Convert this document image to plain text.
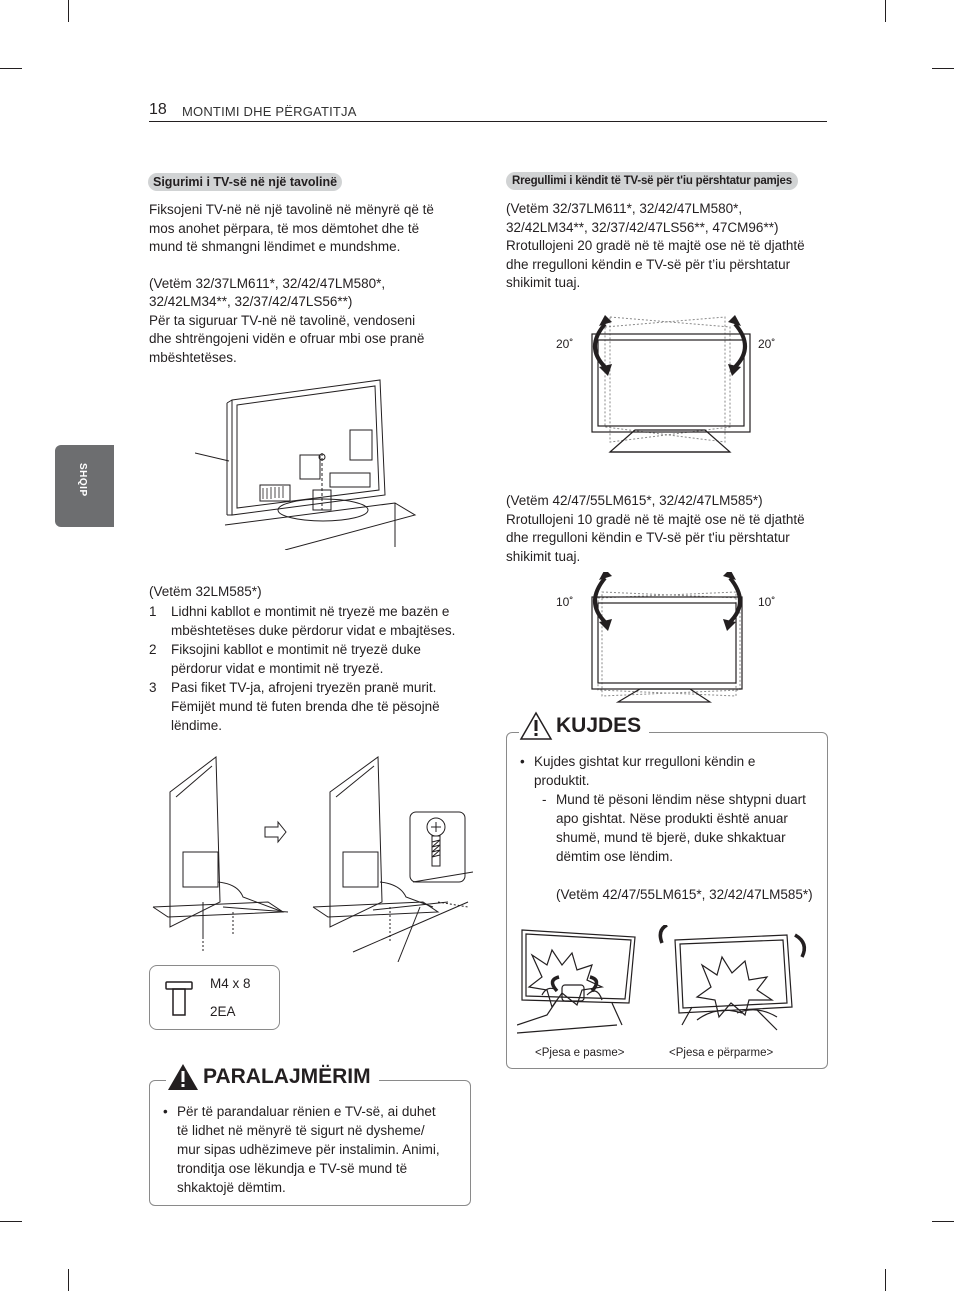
18 MONTIMI DHE PËRGATITJA
SHQIP
Sigurimi i TV-së në një tavolinë

Fiksojeni TV-në në një tavolinë në mënyrë që të

mos anohet përpara, të mos dëmtohet dhe të

mund të shmangni lëndimet e mundshme.

(Vetëm 32/37LM611*, 32/42/47LM580*,

32/42LM34**, 32/37/42/47LS56**)

Për ta siguruar TV-në në tavolinë, vendoseni

dhe shtrëngojeni vidën e ofruar mbi ose pranë

mbështetëses.

(Vetëm 32LM585*)

1 Lidhni kabllot e montimit në tryezë me bazën e
mbështetëses duke përdorur vidat e mbajtëses.
2 Fiksojini kabllot e montimit në tryezë duke
përdorur vidat e montimit në tryezë.
3 Pasi fiket TV-ja, afrojeni tryezën pranë murit.
Fëmijët mund të futen brenda dhe të pësojnë
lëndime.
M4 x 8
2EA
PARALAJMËRIM
• Për të parandaluar rënien e TV-së, ai duhet
të lidhet në mënyrë të sigurt në dysheme/
mur sipas udhëzimeve për instalimin. Animi,
tronditja ose lëkundja e TV-së mund të
shkaktojë dëmtim.
Rregullimi i këndit të TV-së për t'iu përshtatur pamjes

(Vetëm 32/37LM611*, 32/42/47LM580*,

32/42LM34**, 32/37/42/47LS56**, 47CM96**)

Rrotullojeni 20 gradë në të majtë ose në të djathtë

dhe rregulloni këndin e TV-së për t’iu përshtatur

shikimit tuaj.

20˚	20˚

(Vetëm 42/47/55LM615*, 32/42/47LM585*)

Rrotullojeni 10 gradë në të majtë ose në të djathtë

dhe rregulloni këndin e TV-së për t'iu përshtatur

shikimit tuaj.

10˚	10˚
KUJDES
• Kujdes gishtat kur rregulloni këndin e
produktit.
- Mund të pësoni lëndim nëse shtypni duart
apo gishtat. Nëse produkti është anuar
shumë, mund të bjerë, duke shkaktuar
dëmtim ose lëndim.

(Vetëm 42/47/55LM615*, 32/42/47LM585*)
<Pjesa e pasme>	<Pjesa e përparme>
